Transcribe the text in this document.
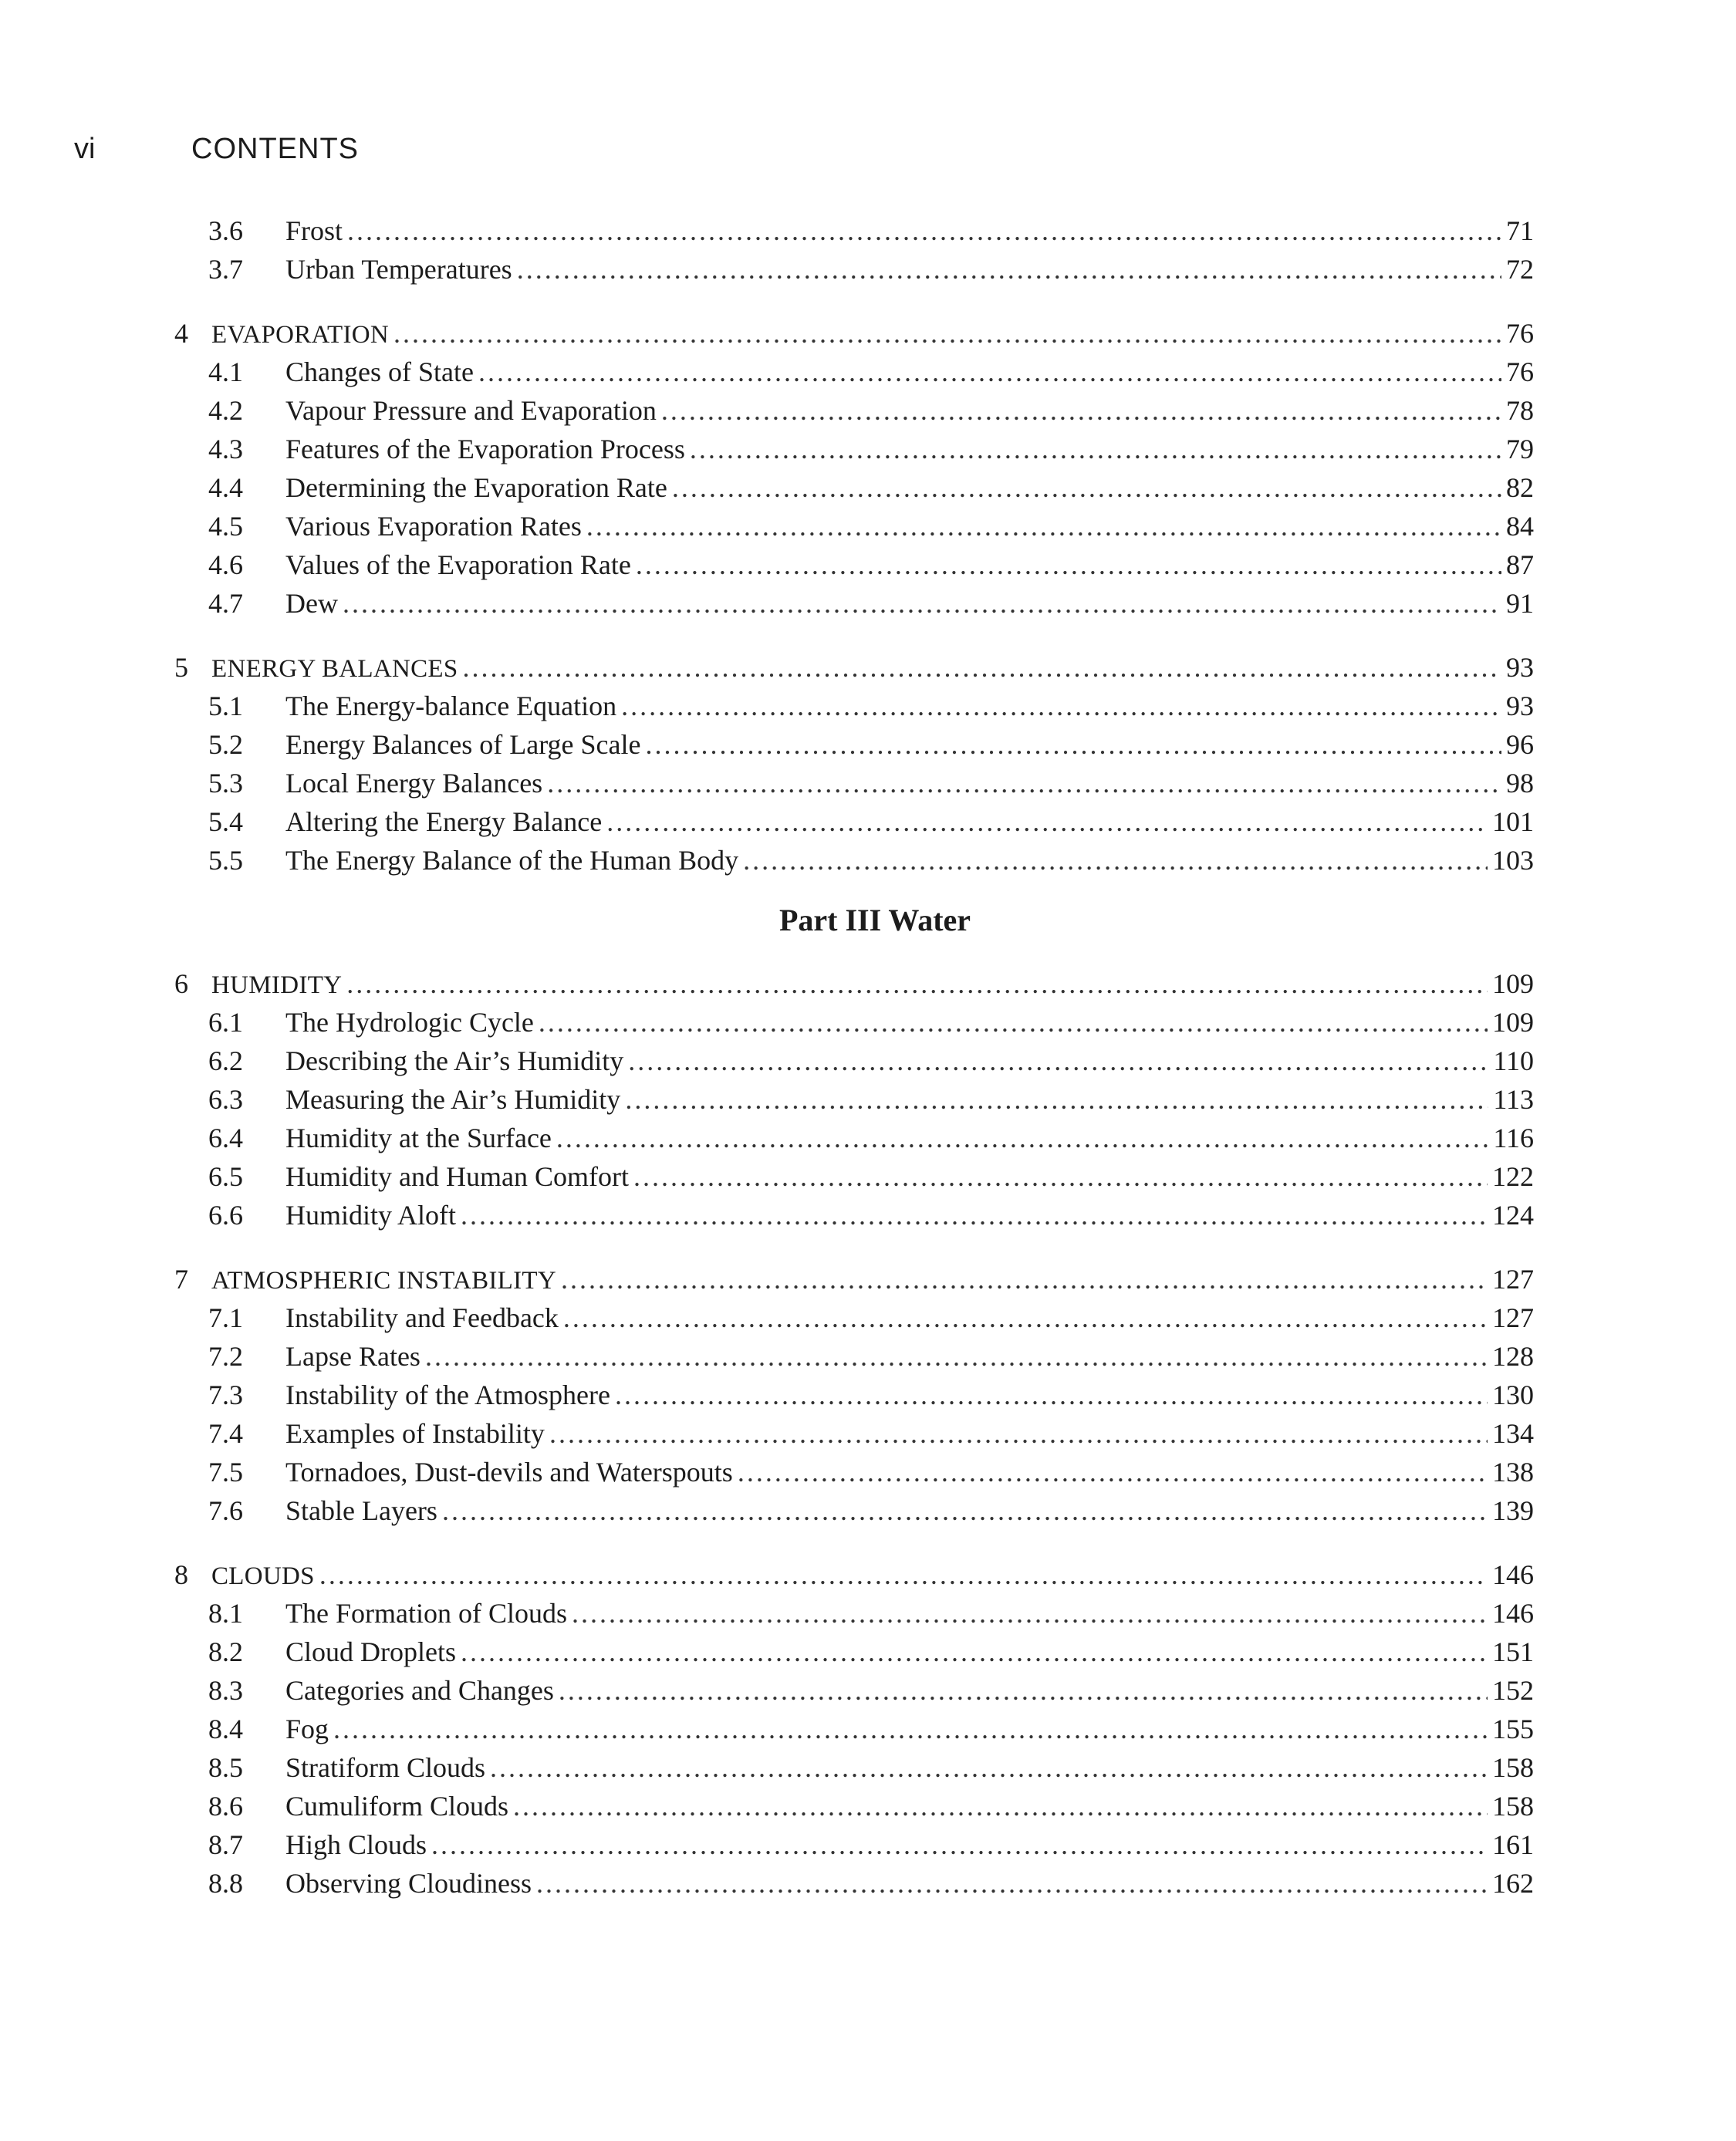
vi	CONTENTS
3.6	Frost .....	71
3.7	Urban Temperatures .....	72
4 EVAPORATION .....	76
4.1	Changes of State .....	76
4.2	Vapour Pressure and Evaporation .....	78
4.3	Features of the Evaporation Process .....	79
4.4	Determining the Evaporation Rate .....	82
4.5	Various Evaporation Rates .....	84
4.6	Values of the Evaporation Rate .....	87
4.7	Dew .....	91
5 ENERGY BALANCES .....	93
5.1	The Energy-balance Equation .....	93
5.2	Energy Balances of Large Scale .....	96
5.3	Local Energy Balances .....	98
5.4	Altering the Energy Balance .....	101
5.5	The Energy Balance of the Human Body .....	103
Part III Water
6 HUMIDITY .....	109
6.1	The Hydrologic Cycle .....	109
6.2	Describing the Air’s Humidity .....	110
6.3	Measuring the Air’s Humidity .....	113
6.4	Humidity at the Surface .....	116
6.5	Humidity and Human Comfort .....	122
6.6	Humidity Aloft .....	124
7 ATMOSPHERIC INSTABILITY .....	127
7.1	Instability and Feedback .....	127
7.2	Lapse Rates .....	128
7.3	Instability of the Atmosphere .....	130
7.4	Examples of Instability .....	134
7.5	Tornadoes, Dust-devils and Waterspouts .....	138
7.6	Stable Layers .....	139
8 CLOUDS .....	146
8.1	The Formation of Clouds .....	146
8.2	Cloud Droplets .....	151
8.3	Categories and Changes .....	152
8.4	Fog .....	155
8.5	Stratiform Clouds .....	158
8.6	Cumuliform Clouds .....	158
8.7	High Clouds .....	161
8.8	Observing Cloudiness .....	162
